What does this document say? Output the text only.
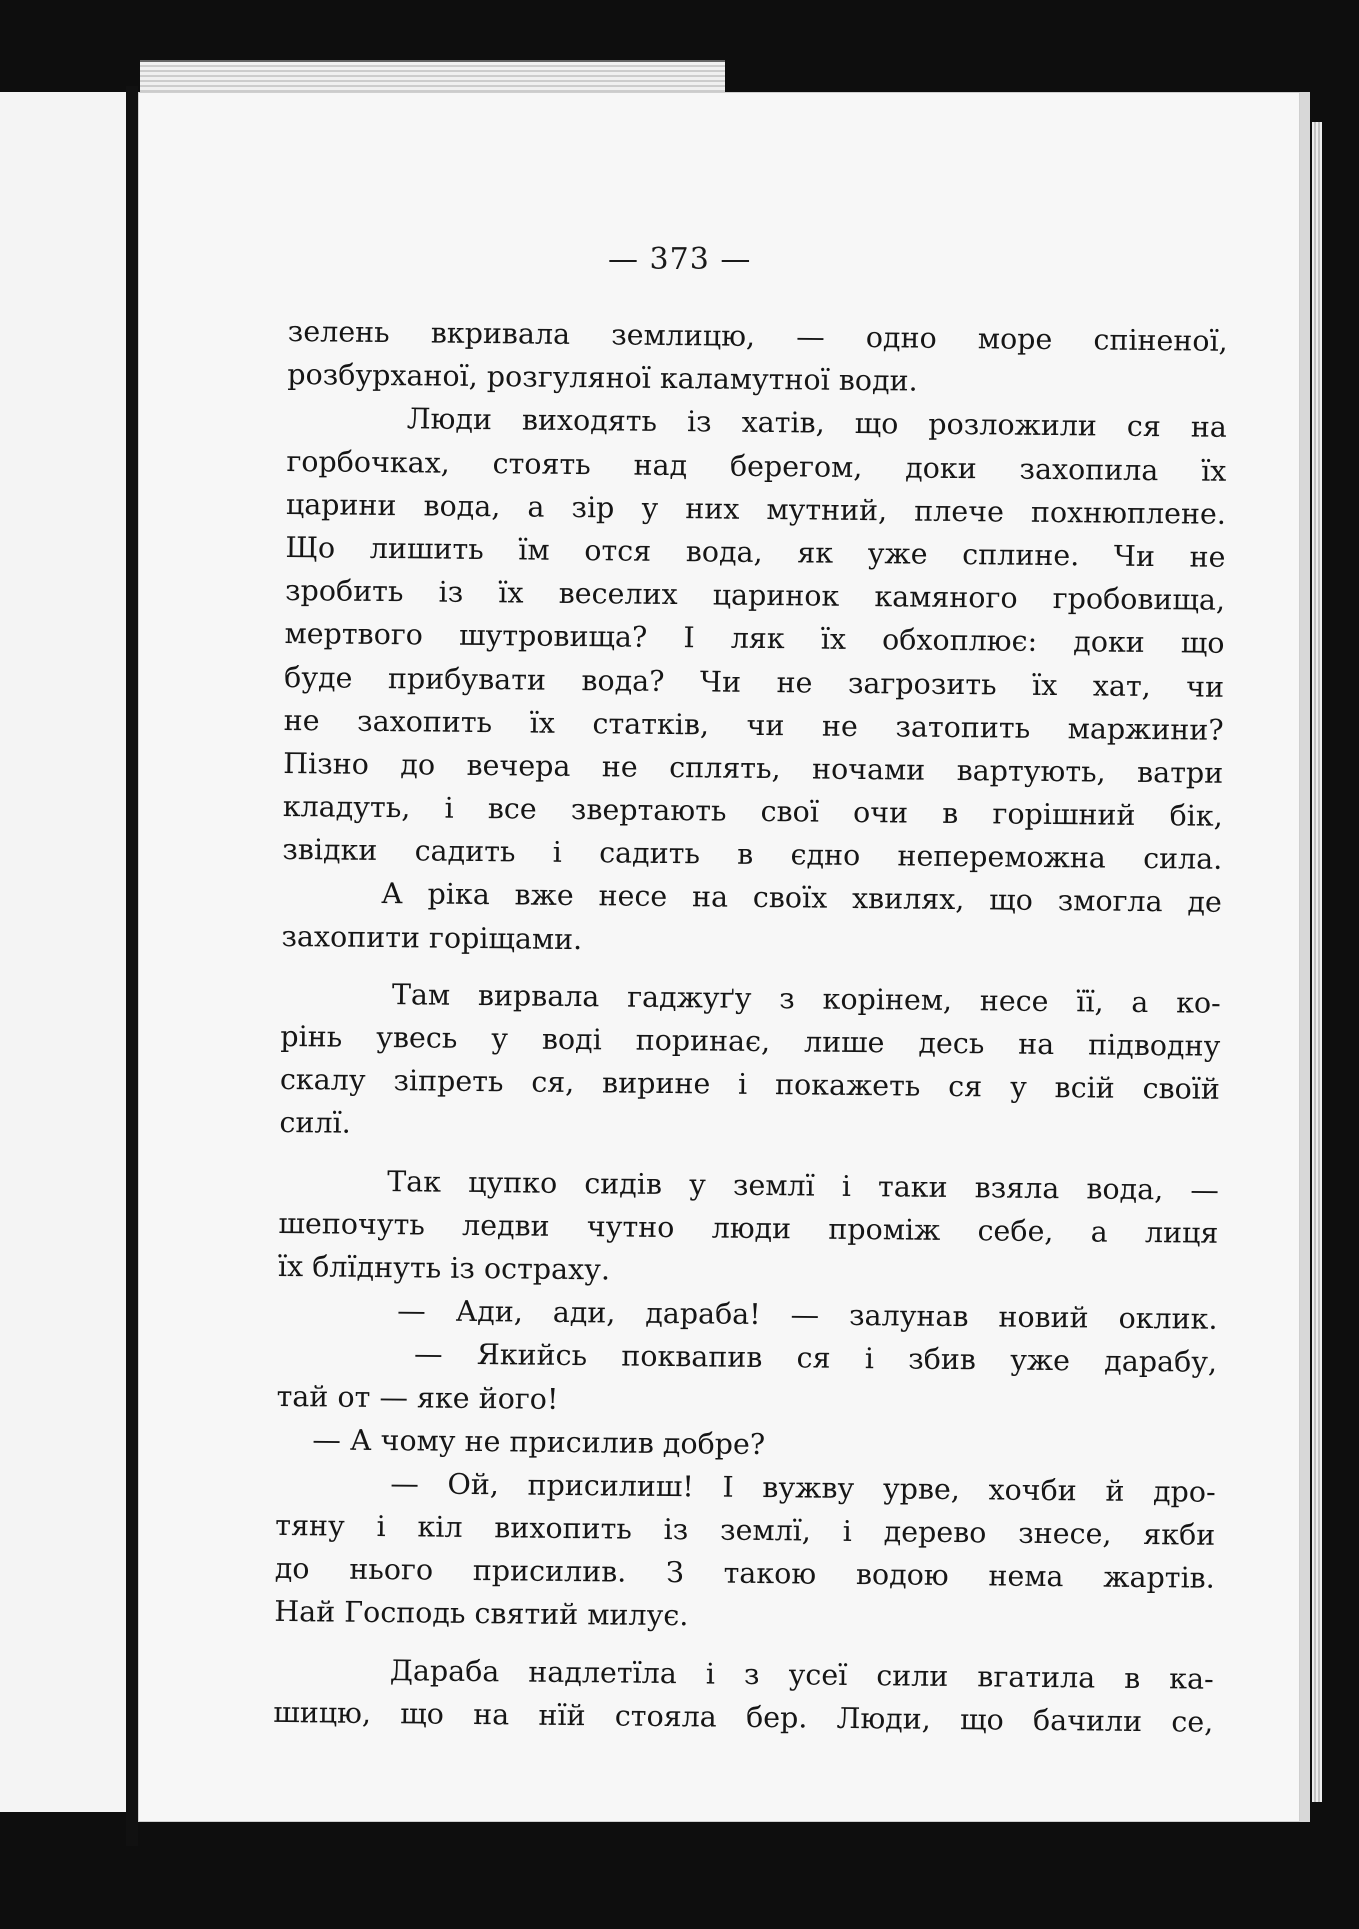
— 373 —
зелень вкривала землицю, — одно море спіненої,
розбурханої, розгуляної каламутної води.
Люди виходять із хатів, що розложили ся на
горбочках, стоять над берегом, доки захопила їх
царини вода, а зір у них мутний, плече похнюплене.
Що лишить їм отся вода, як уже сплине. Чи не
зробить із їх веселих царинок камяного гробовища,
мертвого шутровища? І ляк їх обхоплює: доки що
буде прибувати вода? Чи не загрозить їх хат, чи
не захопить їх статків, чи не затопить маржини?
Пізно до вечера не сплять, ночами вартують, ватри
кладуть, і все звертають свої очи в горішний бік,
звідки садить і садить в єдно непереможна сила.
А ріка вже несе на своїх хвилях, що змогла де
захопити горіщами.
Там вирвала гаджуґу з корінем, несе її, а ко-
рінь увесь у воді поринає, лише десь на підводну
скалу зіпреть ся, вирине і покажеть ся у всій своїй
силї.
Так цупко сидів у землї і таки взяла вода, —
шепочуть ледви чутно люди проміж себе, а лиця
їх блїднуть із остраху.
— Ади, ади, дараба! — залунав новий оклик.
— Якийсь поквапив ся і збив уже дарабу,
тай от — яке його!
— А чому не присилив добре?
— Ой, присилиш! І вужву урве, хочби й дро-
тяну і кіл вихопить із землї, і дерево знесе, якби
до нього присилив. З такою водою нема жартів.
Най Господь святий милує.
Дараба надлетїла і з усеї сили вгатила в ка-
шицю, що на нїй стояла бер. Люди, що бачили се,
